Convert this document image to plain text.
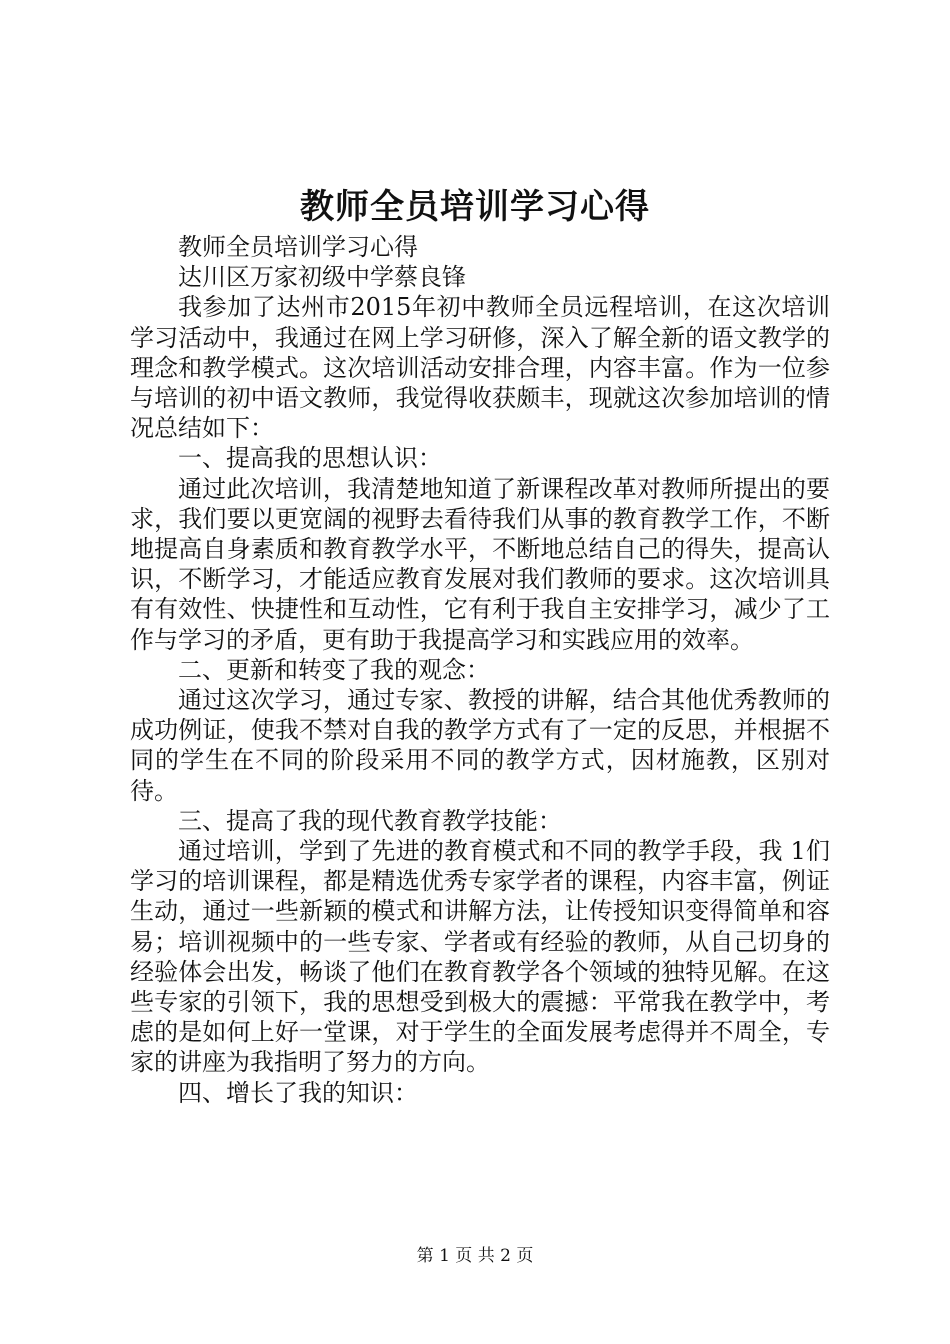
教师全员培训学习心得

教师全员培训学习心得

达川区万家初级中学蔡良锋

我参加了达州市2015年初中教师全员远程培训，在这次培训学习活动中，我通过在网上学习研修，深入了解全新的语文教学的理念和教学模式。这次培训活动安排合理，内容丰富。作为一位参与培训的初中语文教师，我觉得收获颇丰，现就这次参加培训的情况总结如下：

一、提高我的思想认识：

通过此次培训，我清楚地知道了新课程改革对教师所提出的要求，我们要以更宽阔的视野去看待我们从事的教育教学工作，不断地提高自身素质和教育教学水平，不断地总结自己的得失，提高认识，不断学习，才能适应教育发展对我们教师的要求。这次培训具有有效性、快捷性和互动性，它有利于我自主安排学习，减少了工作与学习的矛盾，更有助于我提高学习和实践应用的效率。

二、更新和转变了我的观念：

通过这次学习，通过专家、教授的讲解，结合其他优秀教师的成功例证，使我不禁对自我的教学方式有了一定的反思，并根据不同的学生在不同的阶段采用不同的教学方式，因材施教，区别对待。

三、提高了我的现代教育教学技能：

通过培训，学到了先进的教育模式和不同的教学手段，我 1们学习的培训课程，都是精选优秀专家学者的课程，内容丰富，例证生动，通过一些新颖的模式和讲解方法，让传授知识变得简单和容易；培训视频中的一些专家、学者或有经验的教师，从自己切身的经验体会出发，畅谈了他们在教育教学各个领域的独特见解。在这些专家的引领下，我的思想受到极大的震撼：平常我在教学中，考虑的是如何上好一堂课，对于学生的全面发展考虑得并不周全，专家的讲座为我指明了努力的方向。

四、增长了我的知识：

第 1 页 共 2 页
